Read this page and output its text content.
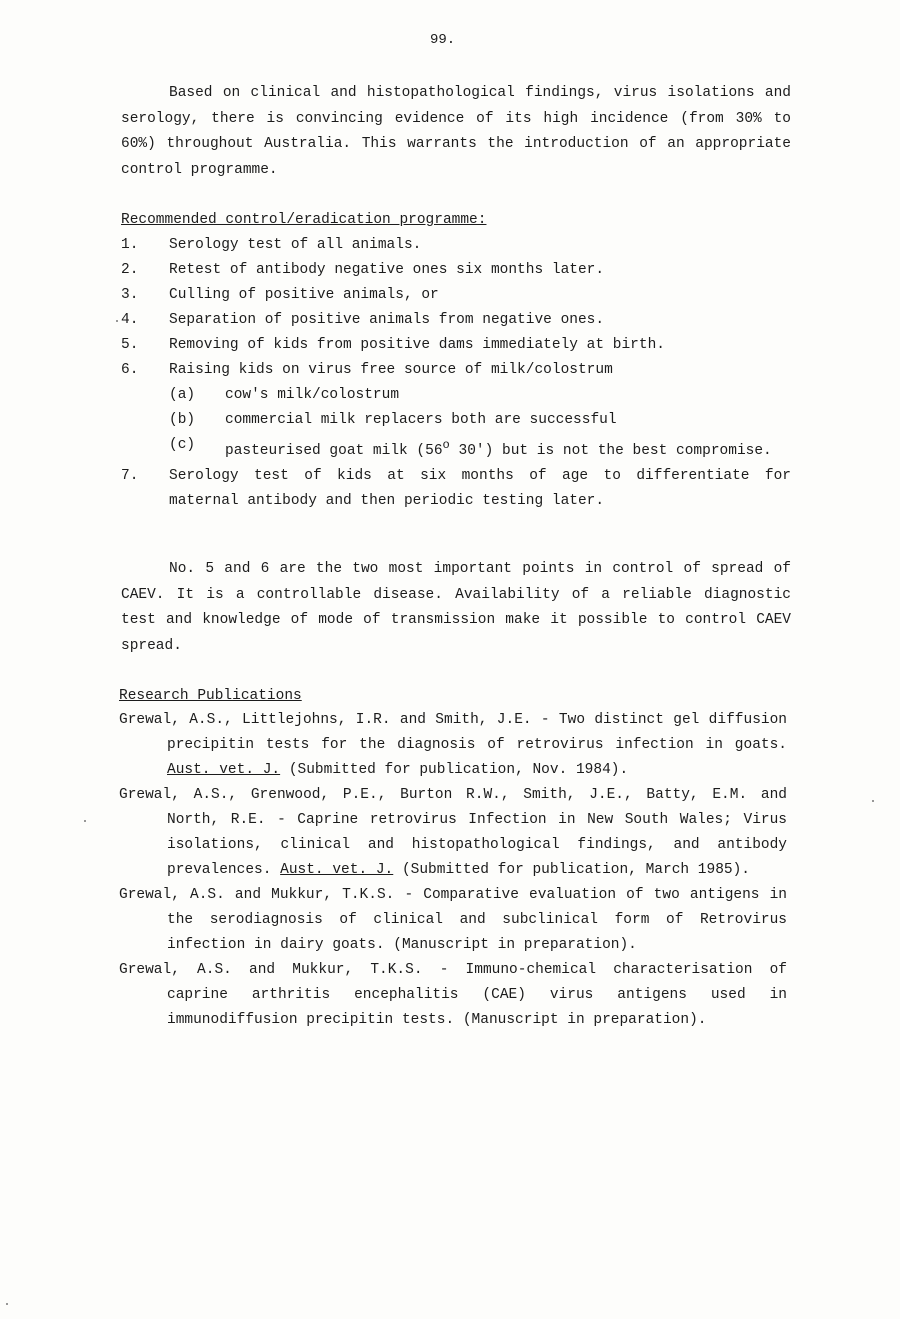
99.

Based on clinical and histopathological findings, virus isolations and serology, there is convincing evidence of its high incidence (from 30% to 60%) throughout Australia. This warrants the introduction of an appropriate control programme.

Recommended control/eradication programme:

1.	Serology test of all animals.
2.	Retest of antibody negative ones six months later.
3.	Culling of positive animals, or
4.	Separation of positive animals from negative ones.
5.	Removing of kids from positive dams immediately at birth.
6.	Raising kids on virus free source of milk/colostrum
(a)	cow's milk/colostrum
(b)	commercial milk replacers both are successful
(c)	pasteurised goat milk (56$^o$ 30') but is not the best compromise.
7.	Serology test of kids at six months of age to differentiate for maternal antibody and then periodic testing later.

No. 5 and 6 are the two most important points in control of spread of CAEV. It is a controllable disease. Availability of a reliable diagnostic test and knowledge of mode of transmission make it possible to control CAEV spread.

Research Publications

Grewal, A.S., Littlejohns, I.R. and Smith, J.E. - Two distinct gel diffusion precipitin tests for the diagnosis of retrovirus infection in goats. Aust. vet. J. (Submitted for publication, Nov. 1984).
Grewal, A.S., Grenwood, P.E., Burton R.W., Smith, J.E., Batty, E.M. and North, R.E. - Caprine retrovirus Infection in New South Wales; Virus isolations, clinical and histopathological findings, and antibody prevalences. Aust. vet. J. (Submitted for publication, March 1985).
Grewal, A.S. and Mukkur, T.K.S. - Comparative evaluation of two antigens in the serodiagnosis of clinical and subclinical form of Retrovirus infection in dairy goats. (Manuscript in preparation).
Grewal, A.S. and Mukkur, T.K.S. - Immuno-chemical characterisation of caprine arthritis encephalitis (CAE) virus antigens used in immunodiffusion precipitin tests. (Manuscript in preparation).
